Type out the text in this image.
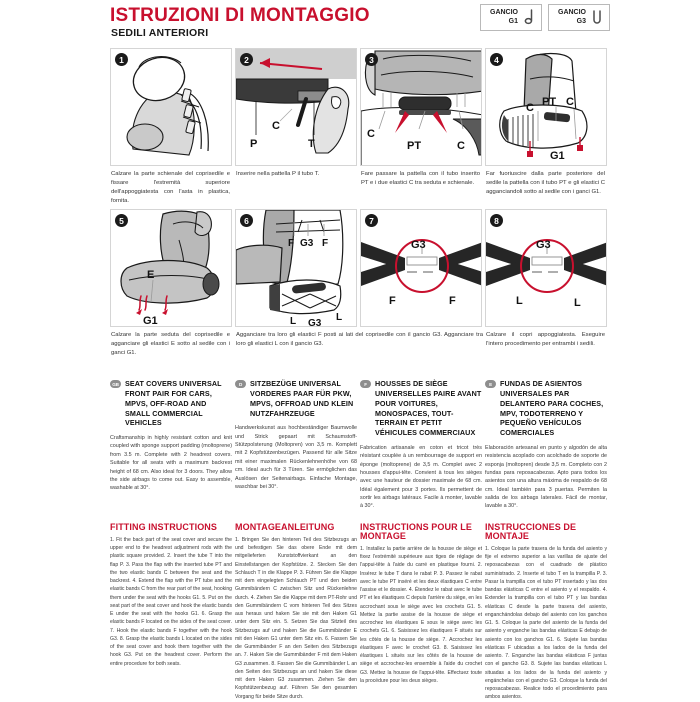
ISTRUZIONI DI MONTAGGIO
SEDILI ANTERIORI
GANCIO
G1
GANCIO
G3
1
Calzare la parte schienale del coprisedile e fissare l'estremità superiore dell'appoggiatesta con l'asta in plastica, fornita.
2
P
C
T
Inserire nella pattella P il tubo T.
3
C
PT	C
Fare passare la pattella con il tubo inserito PT e i due elastici C tra seduta e schienale.
4
C PT C
G1
Far fuoriuscire dalla parte posteriore del sedile la pattella con il tubo PT e gli elastici C agganciandoli sotto al sedile con i ganci G1.
5
E
G1
Calzare la parte seduta del coprisedile e agganciare gli elastici E sotto al sedile con i ganci G1.
6
F G3 F
L G3
L
Agganciare tra loro gli elastici F posti ai lati del coprisedile con il gancio G3. Agganciare tra loro gli elastici L con il gancio G3.
7
G3
F	F
8
G3
L	L
Calzare il copri appoggiatesta. Eseguire l'intero procedimento per entrambi i sedili.
GB SEAT COVERS UNIVERSAL FRONT PAIR FOR CARS, MPVS, OFF-ROAD AND SMALL COMMERCIAL VEHICLES
Craftsmanship in highly resistant cotton and knit coupled with sponge support padding (moltoprene) from 3.5 m. Complete with 2 headrest covers. Suitable for all seats with a maximum backrest height of 68 cm. Also ideal for 3 doors. They allow the side airbags to come out. Easy to assemble, washable at 30°.
D	SITZBEZÜGE UNIVERSAL VORDERES PAAR FÜR PKW, MPVS, OFFROAD UND KLEIN NUTZFAHRZEUGE
Handwerkskunst aus hochbeständiger Baumwolle und Strick gepaart mit Schaumstoff-Stützpolsterung (Moltopren) von 3,5 m. Komplett mit 2 Kopfstützenbezügen. Passend für alle Sitze mit einer maximalen Rückenlehnenhöhe von 68 cm. Ideal auch für 3 Türen. Sie ermöglichen das Auslösen der Seitenairbags. Einfache Montage, waschbar bei 30°.
F	HOUSSES DE SIÈGE UNIVERSELLES PAIRE AVANT POUR VOITURES, MONOSPACES, TOUT-TERRAIN ET PETIT VÉHICULES COMMERCIAUX
Fabrication artisanale en coton et tricot très résistant couplée à un rembourrage de support en éponge (moltoprene) de 3,5 m. Complet avec 2 housses d'appui-tête. Convient à tous les sièges avec une hauteur de dossier maximale de 68 cm. Idéal également pour 3 portes. Ils permettent de sortir les airbags latéraux. Facile à monter, lavable à 30°.
E	FUNDAS DE ASIENTOS UNIVERSALES PAR DELANTERO PARA COCHES, MPV, TODOTERRENO Y PEQUEÑO VEHÍCULOS COMERCIALES
Elaboración artesanal en punto y algodón de alta resistencia acoplado con acolchado de soporte de esponja (moltopren) desde 3,5 m. Completo con 2 fundas para reposacabezas. Apto para todos los asientos con una altura máxima de respaldo de 68 cm. Ideal también para 3 puertas. Permiten la salida de los airbags laterales. Fácil de montar, lavable a 30°.
FITTING INSTRUCTIONS
1. Fit the back part of the seat cover and secure the upper end to the headrest adjustment rods with the plastic square provided. 2. Insert the tube T into the flap P. 3. Pass the flap with the inserted tube PT and the two elastic bands C between the seat and the backrest. 4. Extend the flap with the PT tube and the elastic bands C from the rear part of the seat, hooking them under the seat with the hooks G1. 5. Put on the seat part of the seat cover and hook the elastic bands E under the seat with the hooks G1. 6. Grasp the elastic bands F located on the sides of the seat cover. 7. Hook the elastic bands F together with the hook G3. 8. Grasp the elastic bands L located on the sides of the seat cover and hook them together with the hook G3. Put on the headrest cover. Perform the entire procedure for both seats.
MONTAGEANLEITUNG
1. Bringen Sie den hinteren Teil des Sitzbezugs an und befestigen Sie das obere Ende mit dem mitgelieferten Kunststoffvierkant an den Einstellstangen der Kopfstütze. 2. Stecken Sie den Schlauch T in die Klappe P. 3. Führen Sie die Klappe mit dem eingelegten Schlauch PT und den beiden Gummibändern C zwischen Sitz und Rückenlehne durch. 4. Ziehen Sie die Klappe mit dem PT-Rohr und den Gummibändern C vom hinteren Teil des Sitzes aus heraus und haken Sie sie mit den Haken G1 unter dem Sitz ein. 5. Setzen Sie das Sitzteil des Sitzbezugs auf und haken Sie die Gummibänder E mit den Haken G1 unter dem Sitz ein. 6. Fassen Sie die Gummibänder F an den Seiten des Sitzbezugs an. 7. Haken Sie die Gummibänder F mit dem Haken G3 zusammen. 8. Fassen Sie die Gummibänder L an den Seiten des Sitzbezugs an und haken Sie diese mit dem Haken G3 zusammen. Ziehen Sie den Kopfstützenbezug auf. Führen Sie den gesamten Vorgang für beide Sitze durch.
INSTRUCTIONS POUR LE MONTAGE
1. Installez la partie arrière de la housse de siège et fixez l'extrémité supérieure aux tiges de réglage de l'appui-tête à l'aide du carré en plastique fourni. 2. Insérez le tube T dans le rabat P. 3. Passez le rabat avec le tube PT inséré et les deux élastiques C entre l'assise et le dossier. 4. Étendez le rabat avec le tube PT et les élastiques C depuis l'arrière du siège, en les accrochant sous le siège avec les crochets G1. 5. Mettez la partie assise de la housse de siège et accrochez les élastiques E sous le siège avec les crochets G1. 6. Saisissez les élastiques F situés sur les côtés de la housse de siège. 7. Accrochez les élastiques F avec le crochet G3. 8. Saisissez les élastiques L situés sur les côtés de la housse de siège et accrochez-les ensemble à l'aide du crochet G3. Mettez la housse de l'appui-tête. Effectuez toute la procédure pour les deux sièges.
INSTRUCCIONES DE MONTAJE
1. Coloque la parte trasera de la funda del asiento y fije el extremo superior a las varillas de ajuste del reposacabezas con el cuadrado de plástico suministrado. 2. Inserte el tubo T en la trampilla P. 3. Pasar la trampilla con el tubo PT insertado y las dos bandas elásticas C entre el asiento y el respaldo. 4. Extender la trampilla con el tubo PT y las bandas elásticas C desde la parte trasera del asiento, enganchándolas debajo del asiento con los ganchos G1. 5. Coloque la parte del asiento de la funda del asiento y enganche las bandas elásticas E debajo de asiento con los ganchos G1. 6. Sujete las bandas elásticas F ubicadas a los lados de la funda del asiento. 7. Enganche las bandas elásticas F juntas con el gancho G3. 8. Sujete las bandas elásticas L situadas a los lados de la funda del asiento y engánchelas con el gancho G3. Coloque la funda del reposacabezas. Realice todo el procedimiento para ambos asientos.
